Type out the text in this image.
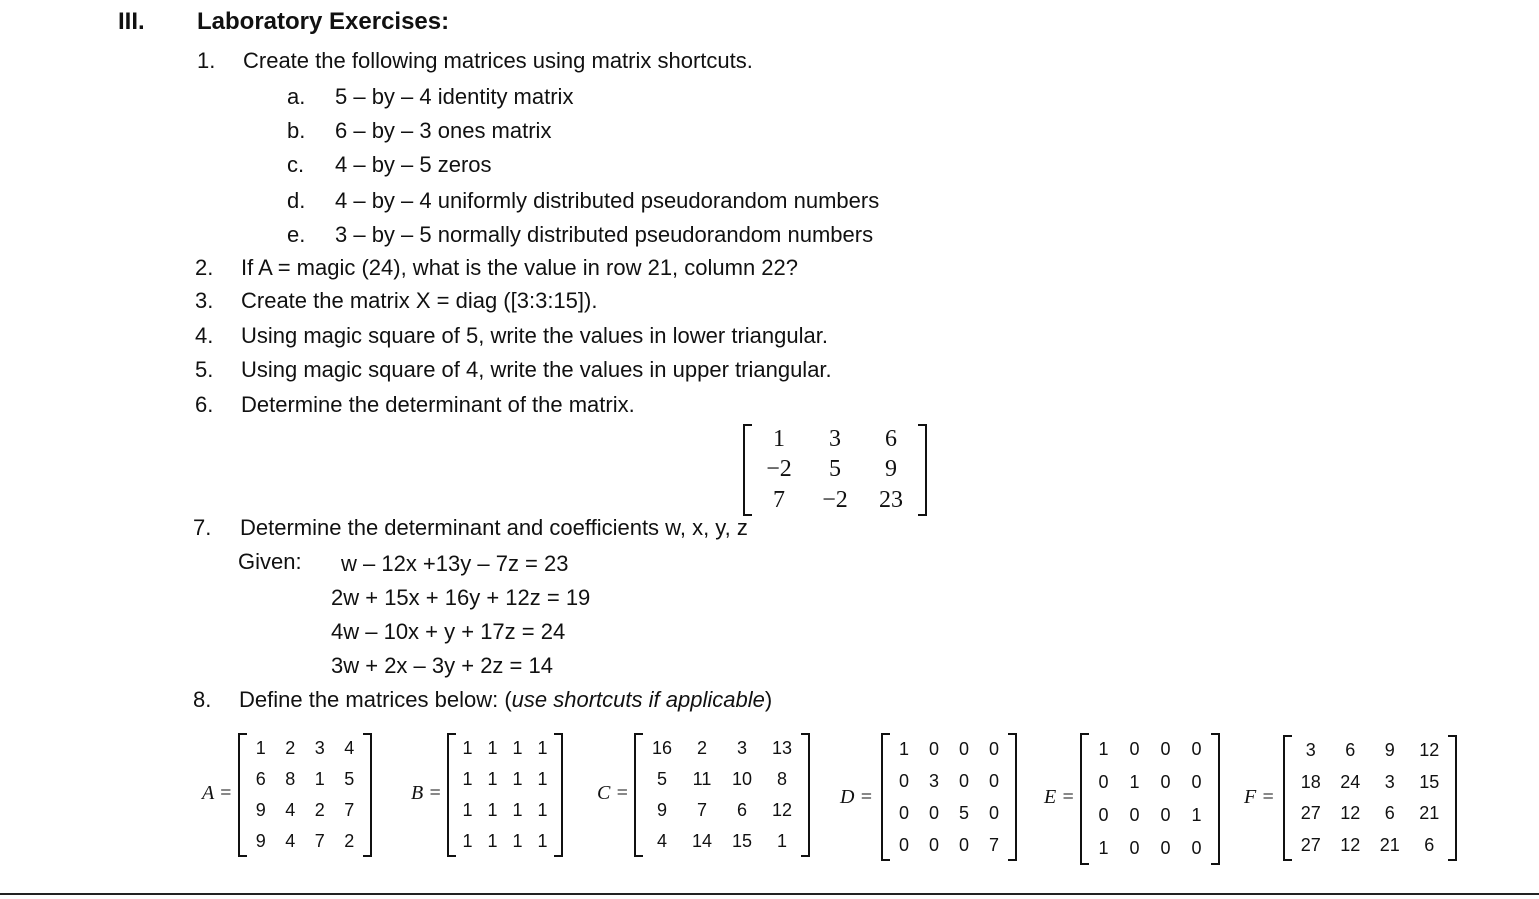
III. Laboratory Exercises:
1. Create the following matrices using matrix shortcuts.
a. 5 – by – 4 identity matrix
b. 6 – by – 3 ones matrix
c. 4 – by – 5 zeros
d. 4 – by – 4 uniformly distributed pseudorandom numbers
e. 3 – by – 5 normally distributed pseudorandom numbers
2. If A = magic (24), what is the value in row 21, column 22?
3. Create the matrix X = diag ([3:3:15]).
4. Using magic square of 5, write the values in lower triangular.
5. Using magic square of 4, write the values in upper triangular.
6. Determine the determinant of the matrix.
1	3	6
−2	5	9
7	−2	23
7. Determine the determinant and coefficients w, x, y, z
Given: w – 12x +13y – 7z = 23
2w + 15x + 16y + 12z = 19
4w – 10x + y + 17z = 24
3w + 2x – 3y + 2z = 14
8. Define the matrices below: (use shortcuts if applicable)
A =
1	2	3	4
6	8	1	5
9	4	2	7
9	4	7	2
B =
1 1 1 1
1 1 1 1
1 1 1 1
1 1 1 1
C =
16	2	3	13
5	11	10	8
9	7	6	12
4	14	15	1
D =
1	0	0	0
0	3	0	0
0	0	5	0
0	0	0	7
E =
1	0	0	0
0	1	0	0
0	0	0	1
1	0	0	0
F =
3	6	9	12
18	24	3	15
27	12	6	21
27	12	21	6
